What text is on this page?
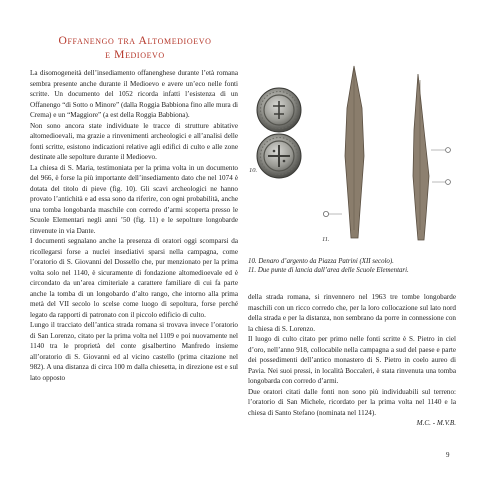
Offanengo tra Altomedioevo
e Medioevo

La disomogeneità dell’insediamento offanenghese durante l’età romana sembra presente anche durante il Medioevo e avere un’eco nelle fonti scritte. Un documento del 1052 ricorda infatti l’esistenza di un Offanengo “di Sotto o Minore” (dalla Roggia Babbiona fino alle mura di Crema) e un “Maggiore” (a est della Roggia Babbiona).

Non sono ancora state individuate le tracce di strutture abitative altomedioevali, ma grazie a rinvenimenti archeologici e all’analisi delle fonti scritte, esistono indicazioni relative agli edifici di culto e alle zone destinate alle sepolture durante il Medioevo.

La chiesa di S. Maria, testimoniata per la prima volta in un documento del 966, è forse la più importante dell’insediamento dato che nel 1074 è dotata del titolo di pieve (fig. 10). Gli scavi archeologici ne hanno provato l’antichità e ad essa sono da riferire, con ogni probabilità, anche una tomba longobarda maschile con corredo d’armi scoperta presso le Scuole Elementari negli anni ’50 (fig. 11) e le sepolture longobarde rinvenute in via Dante.

I documenti segnalano anche la presenza di oratori oggi scomparsi da ricollegarsi forse a nuclei insediativi sparsi nella campagna, come l’oratorio di S. Giovanni del Dossello che, pur menzionato per la prima volta solo nel 1140, è sicuramente di fondazione altomedioevale ed è circondato da un’area cimiteriale a carattere familiare di cui fa parte anche la tomba di un longobardo d’alto rango, che intorno alla prima metà del VII secolo lo scelse come luogo di sepoltura, forse perché legato da rapporti di patronato con il piccolo edificio di culto.

Lungo il tracciato dell’antica strada romana si trovava invece l’oratorio di San Lorenzo, citato per la prima volta nel 1109 e poi nuovamente nel 1140 tra le proprietà del conte gisalbertino Manfredo insieme all’oratorio di S. Giovanni ed al vicino castello (prima citazione nel 982). A una distanza di circa 100 m dalla chiesetta, in direzione est e sul lato opposto

10.
11.
10. Denaro d’argento da Piazza Patrini (XII secolo).
11. Due punte di lancia dall’area delle Scuole Elementari.

della strada romana, si rinvennero nel 1963 tre tombe longobarde maschili con un ricco corredo che, per la loro collocazione sul lato nord della strada e per la distanza, non sembrano da porre in connessione con la chiesa di S. Lorenzo.

Il luogo di culto citato per primo nelle fonti scritte è S. Pietro in ciel d’oro, nell’anno 918, collocabile nella campagna a sud del paese e parte dei possedimenti dell’antico monastero di S. Pietro in coelo aureo di Pavia. Nei suoi pressi, in località Boccaleri, è stata rinvenuta una tomba longobarda con corredo d’armi.

Due oratori citati dalle fonti non sono più individuabili sul terreno: l’oratorio di San Michele, ricordato per la prima volta nel 1140 e la chiesa di Santo Stefano (nominata nel 1124).

M.C. - M.V.B.
9
